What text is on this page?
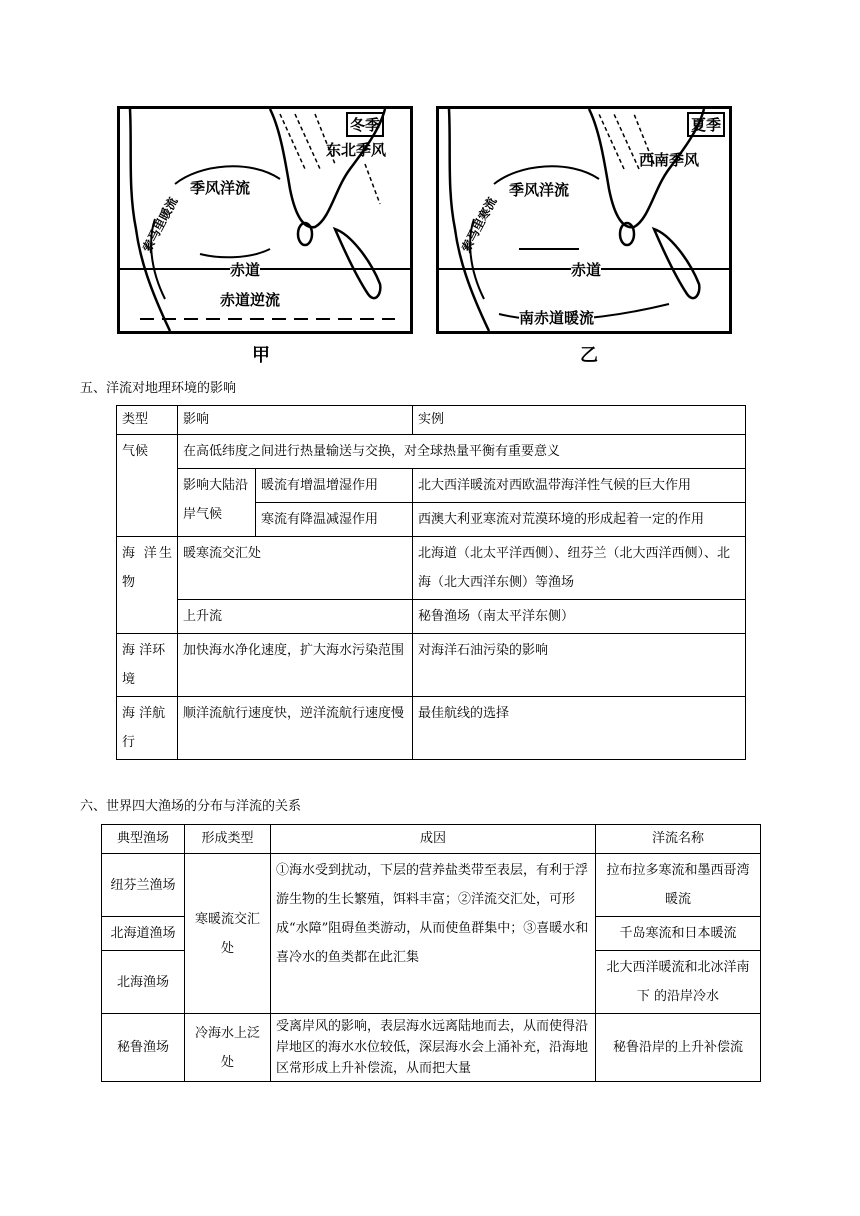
冬季
东北季风
季风洋流
索马里暖流
赤道
赤道逆流
甲
夏季
西南季风
季风洋流
索马里寒流
赤道
南赤道暖流
乙
五、洋流对地理环境的影响
类型	影响		实例
气候	在高低纬度之间进行热量输送与交换，对全球热量平衡有重要意义		
	影响大陆沿岸气候	暖流有增温增湿作用	北大西洋暖流对西欧温带海洋性气候的巨大作用
		寒流有降温减湿作用	西澳大利亚寒流对荒漠环境的形成起着一定的作用
海 洋生物	暖寒流交汇处		北海道（北太平洋西侧）、纽芬兰（北大西洋西侧）、北海（北大西洋东侧）等渔场
	上升流		秘鲁渔场（南太平洋东侧）
海 洋环境	加快海水净化速度，扩大海水污染范围		对海洋石油污染的影响
海 洋航行	顺洋流航行速度快，逆洋流航行速度慢		最佳航线的选择
六、世界四大渔场的分布与洋流的关系
典型渔场	形成类型	成因	洋流名称
纽芬兰渔场	寒暖流交汇处	①海水受到扰动，下层的营养盐类带至表层，有利于浮游生物的生长繁殖，饵料丰富；②洋流交汇处，可形成“水障”阻碍鱼类游动，从而使鱼群集中；③喜暖水和喜冷水的鱼类都在此汇集	拉布拉多寒流和墨西哥湾暖流
北海道渔场			千岛寒流和日本暖流
北海渔场			北大西洋暖流和北冰洋南下 的沿岸冷水
秘鲁渔场	冷海水上泛处	受离岸风的影响，表层海水远离陆地而去，从而使得沿岸地区的海水水位较低，深层海水会上涌补充，沿海地区常形成上升补偿流，从而把大量	秘鲁沿岸的上升补偿流
